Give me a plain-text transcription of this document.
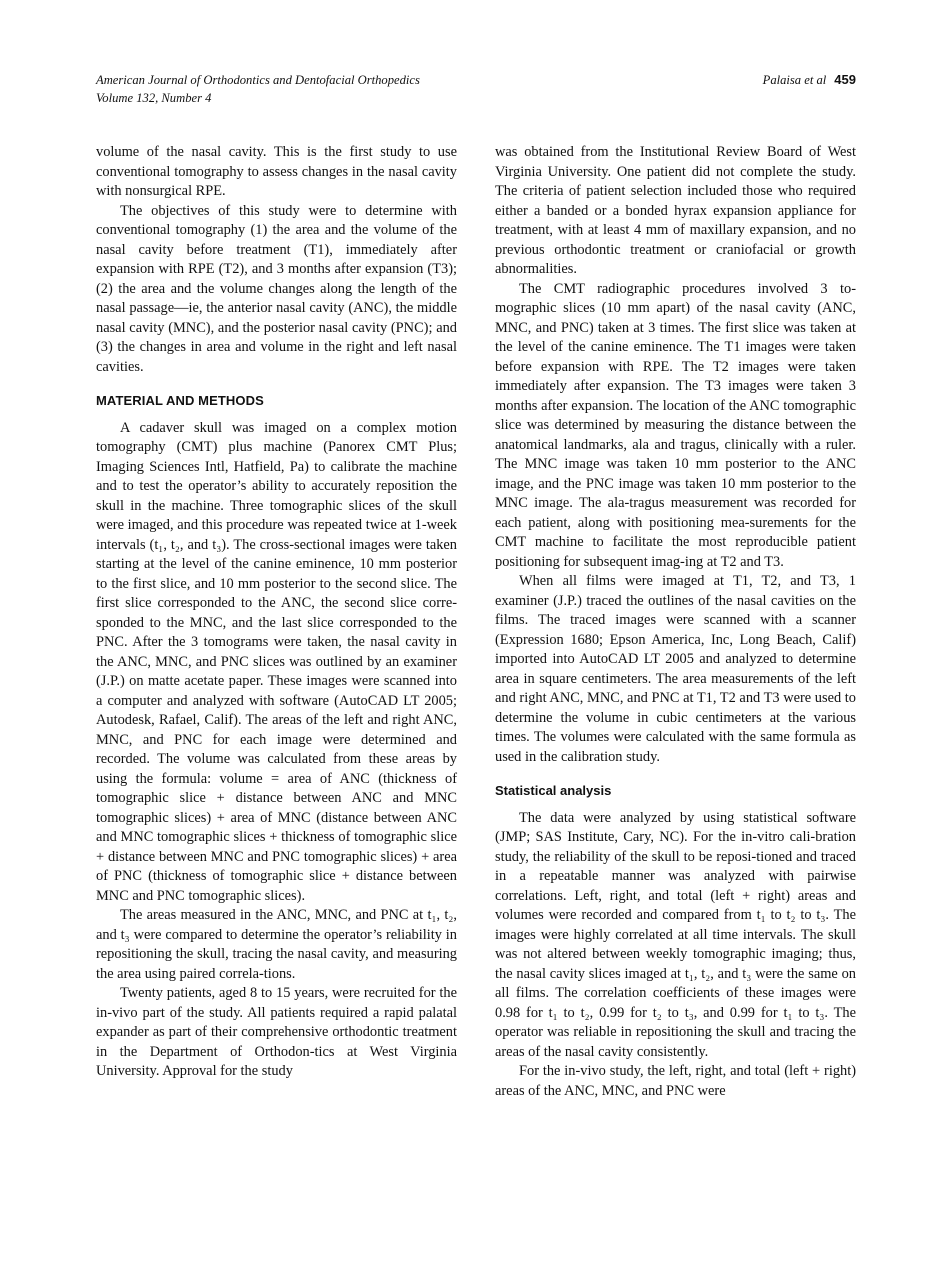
American Journal of Orthodontics and Dentofacial Orthopedics
Volume 132, Number 4
Palaisa et al 459

volume of the nasal cavity. This is the first study to use conventional tomography to assess changes in the nasal cavity with nonsurgical RPE.

The objectives of this study were to determine with conventional tomography (1) the area and the volume of the nasal cavity before treatment (T1), immediately after expansion with RPE (T2), and 3 months after expansion (T3); (2) the area and the volume changes along the length of the nasal passage—ie, the anterior nasal cavity (ANC), the middle nasal cavity (MNC), and the posterior nasal cavity (PNC); and (3) the changes in area and volume in the right and left nasal cavities.

MATERIAL AND METHODS

A cadaver skull was imaged on a complex motion tomography (CMT) plus machine (Panorex CMT Plus; Imaging Sciences Intl, Hatfield, Pa) to calibrate the machine and to test the operator’s ability to accurately reposition the skull in the machine. Three tomographic slices of the skull were imaged, and this procedure was repeated twice at 1-week intervals (t₁, t₂, and t₃). The cross-sectional images were taken starting at the level of the canine eminence, 10 mm posterior to the first slice, and 10 mm posterior to the second slice. The first slice corresponded to the ANC, the second slice corre-sponded to the MNC, and the last slice corresponded to the PNC. After the 3 tomograms were taken, the nasal cavity in the ANC, MNC, and PNC slices was outlined by an examiner (J.P.) on matte acetate paper. These images were scanned into a computer and analyzed with software (AutoCAD LT 2005; Autodesk, Rafael, Calif). The areas of the left and right ANC, MNC, and PNC for each image were determined and recorded. The volume was calculated from these areas by using the formula: volume = area of ANC (thickness of tomographic slice + distance between ANC and MNC tomographic slices) + area of MNC (distance between ANC and MNC tomographic slices + thickness of tomographic slice + distance between MNC and PNC tomographic slices) + area of PNC (thickness of tomographic slice + distance between MNC and PNC tomographic slices).

The areas measured in the ANC, MNC, and PNC at t₁, t₂, and t₃ were compared to determine the operator’s reliability in repositioning the skull, tracing the nasal cavity, and measuring the area using paired correla-tions.

Twenty patients, aged 8 to 15 years, were recruited for the in-vivo part of the study. All patients required a rapid palatal expander as part of their comprehensive orthodontic treatment in the Department of Orthodon-tics at West Virginia University. Approval for the study

was obtained from the Institutional Review Board of West Virginia University. One patient did not complete the study. The criteria of patient selection included those who required either a banded or a bonded hyrax expansion appliance for treatment, with at least 4 mm of maxillary expansion, and no previous orthodontic treatment or craniofacial or growth abnormalities.

The CMT radiographic procedures involved 3 to-mographic slices (10 mm apart) of the nasal cavity (ANC, MNC, and PNC) taken at 3 times. The first slice was taken at the level of the canine eminence. The T1 images were taken before expansion with RPE. The T2 images were taken immediately after expansion. The T3 images were taken 3 months after expansion. The location of the ANC tomographic slice was determined by measuring the distance between the anatomical landmarks, ala and tragus, clinically with a ruler. The MNC image was taken 10 mm posterior to the ANC image, and the PNC image was taken 10 mm posterior to the MNC image. The ala-tragus measurement was recorded for each patient, along with positioning mea-surements for the CMT machine to facilitate the most reproducible patient positioning for subsequent imag-ing at T2 and T3.

When all films were imaged at T1, T2, and T3, 1 examiner (J.P.) traced the outlines of the nasal cavities on the films. The traced images were scanned with a scanner (Expression 1680; Epson America, Inc, Long Beach, Calif) imported into AutoCAD LT 2005 and analyzed to determine area in square centimeters. The area measurements of the left and right ANC, MNC, and PNC at T1, T2 and T3 were used to determine the volume in cubic centimeters at the various times. The volumes were calculated with the same formula as used in the calibration study.

Statistical analysis

The data were analyzed by using statistical software (JMP; SAS Institute, Cary, NC). For the in-vitro cali-bration study, the reliability of the skull to be reposi-tioned and traced in a repeatable manner was analyzed with pairwise correlations. Left, right, and total (left + right) areas and volumes were recorded and compared from t₁ to t₂ to t₃. The images were highly correlated at all time intervals. The skull was not altered between weekly tomographic imaging; thus, the nasal cavity slices imaged at t₁, t₂, and t₃ were the same on all films. The correlation coefficients of these images were 0.98 for t₁ to t₂, 0.99 for t₂ to t₃, and 0.99 for t₁ to t₃. The operator was reliable in repositioning the skull and tracing the areas of the nasal cavity consistently.

For the in-vivo study, the left, right, and total (left + right) areas of the ANC, MNC, and PNC were
